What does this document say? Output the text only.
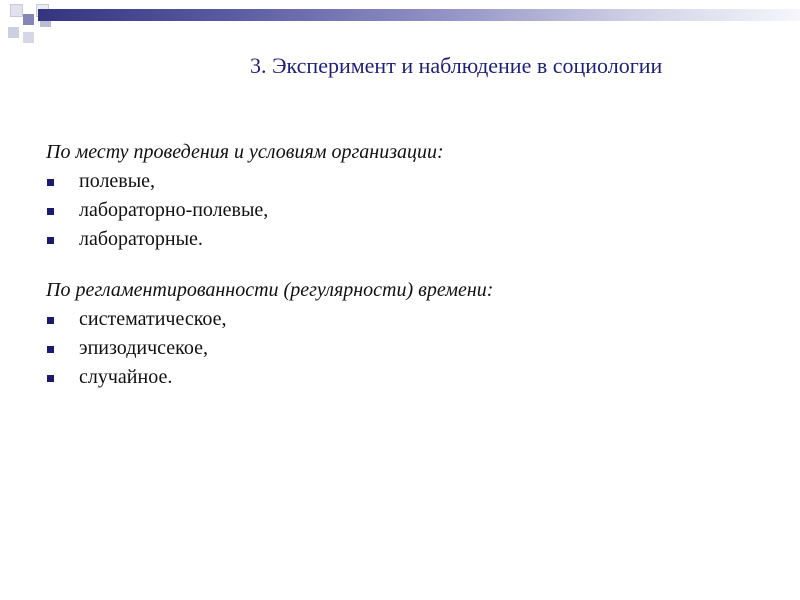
3. Эксперимент и наблюдение в социологии
По месту проведения и условиям организации:
полевые,
лабораторно-полевые,
лабораторные.
По регламентированности (регулярности) времени:
систематическое,
эпизодичсекое,
случайное.
